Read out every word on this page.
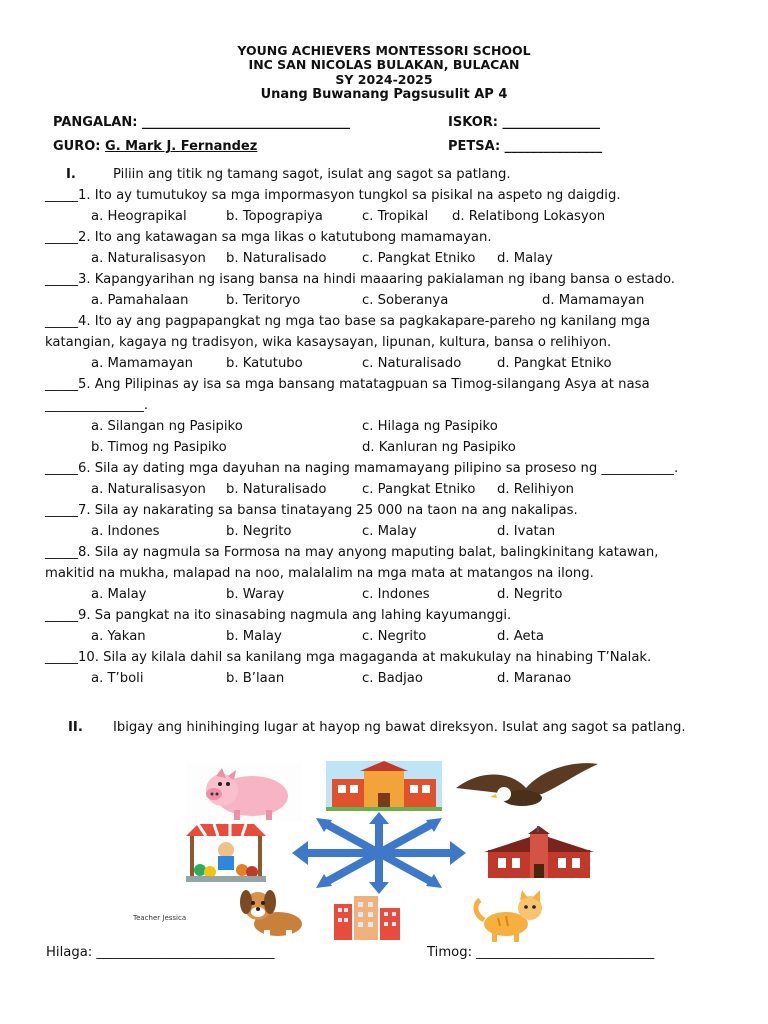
YOUNG ACHIEVERS MONTESSORI SCHOOL
INC SAN NICOLAS BULAKAN, BULACAN
SY 2024-2025
Unang Buwanang Pagsusulit AP 4
PANGALAN: ________________________________	ISKOR: _______________
GURO: G. Mark J. Fernandez	PETSA: _______________
I.	Piliin ang titik ng tamang sagot, isulat ang sagot sa patlang.
_____1. Ito ay tumutukoy sa mga impormasyon tungkol sa pisikal na aspeto ng daigdig.
a. Heograpikal	b. Topograpiya	c. Tropikal d. Relatibong Lokasyon
_____2. Ito ang katawagan sa mga likas o katutubong mamamayan.
a. Naturalisasyon b. Naturalisado	c. Pangkat Etniko d. Malay
_____3. Kapangyarihan ng isang bansa na hindi maaaring pakialaman ng ibang bansa o estado.
a. Pamahalaan	b. Teritoryo	c. Soberanya	d. Mamamayan
_____4. Ito ay ang pagpapangkat ng mga tao base sa pagkakapare-pareho ng kanilang mga
katangian, kagaya ng tradisyon, wika kasaysayan, lipunan, kultura, bansa o relihiyon.
a. Mamamayan b. Katutubo	c. Naturalisado	d. Pangkat Etniko
_____5. Ang Pilipinas ay isa sa mga bansang matatagpuan sa Timog-silangang Asya at nasa
_______________.
a. Silangan ng Pasipiko	c. Hilaga ng Pasipiko
b. Timog ng Pasipiko	d. Kanluran ng Pasipiko
_____6. Sila ay dating mga dayuhan na naging mamamayang pilipino sa proseso ng ___________.
a. Naturalisasyon b. Naturalisado	c. Pangkat Etniko d. Relihiyon
_____7. Sila ay nakarating sa bansa tinatayang 25 000 na taon na ang nakalipas.
a. Indones	b. Negrito	c. Malay	d. Ivatan
_____8. Sila ay nagmula sa Formosa na may anyong maputing balat, balingkinitang katawan,
makitid na mukha, malapad na noo, malalalim na mga mata at matangos na ilong.
a. Malay	b. Waray	c. Indones	d. Negrito
_____9. Sa pangkat na ito sinasabing nagmula ang lahing kayumanggi.
a. Yakan	b. Malay	c. Negrito	d. Aeta
_____10. Sila ay kilala dahil sa kanilang mga magaganda at makukulay na hinabing T’Nalak.
a. T’boli	b. B’laan	c. Badjao	d. Maranao
II. Ibigay ang hinihinging lugar at hayop ng bawat direksyon. Isulat ang sagot sa patlang.
Teacher Jessica
Hilaga: ___________________________	Timog: ___________________________
